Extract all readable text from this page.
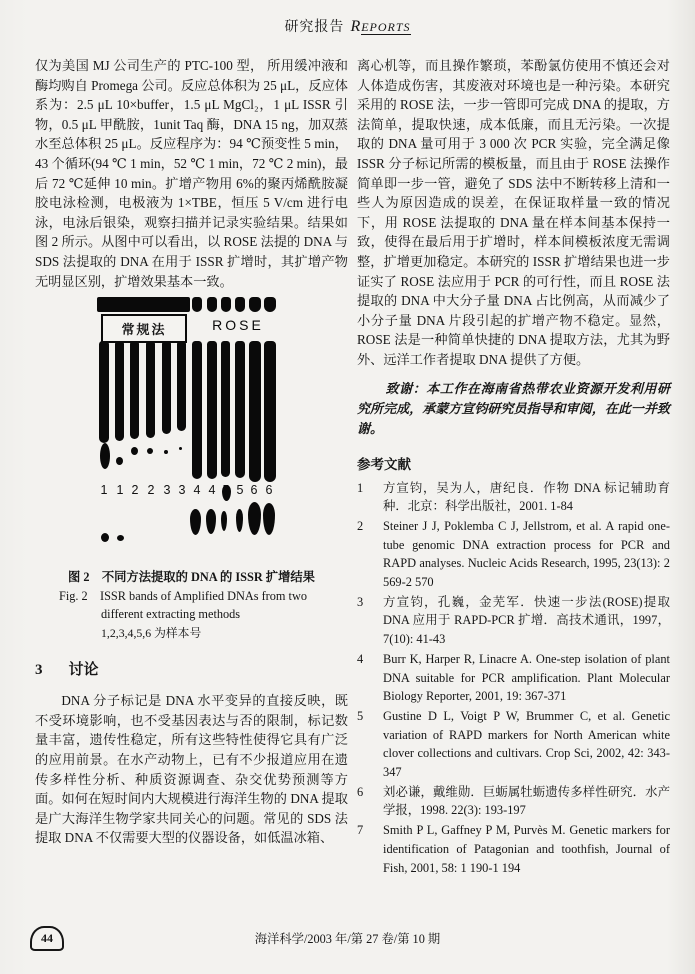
研究报告 REPORTS

仅为美国 MJ 公司生产的 PTC-100 型， 所用缓冲液和酶均购自 Promega 公司。反应总体积为 25 μL，反应体系为：2.5 μL 10×buffer，1.5 μL MgCl₂，1 μL ISSR 引物，0.5 μL 甲酰胺，1unit Taq 酶，DNA 15 ng，加双蒸水至总体积 25 μL。反应程序为：94 ℃预变性 5 min，43 个循环(94 ℃ 1 min，52 ℃ 1 min，72 ℃ 2 min)，最后 72 ℃延伸 10 min。扩增产物用 6%的聚丙烯酰胺凝胶电泳检测，电极液为 1×TBE，恒压 5 V/cm 进行电泳，电泳后银染，观察扫描并记录实验结果。结果如图 2 所示。从图中可以看出，以 ROSE 法提的 DNA 与 SDS 法提取的 DNA 在用于 ISSR 扩增时，其扩增产物无明显区别，扩增效果基本一致。

常规法	ROSE
1 1 2 2 3 3 4 4 5 6 6
图 2　不同方法提取的 DNA 的 ISSR 扩增结果
Fig. 2　ISSR bands of Amplified DNAs from two different extracting methods
1,2,3,4,5,6 为样本号
3 讨论

DNA 分子标记是 DNA 水平变异的直接反映，既不受环境影响，也不受基因表达与否的限制，标记数量丰富，遗传性稳定，所有这些特性使得它具有广泛的应用前景。在水产动物上，已有不少报道应用在遗传多样性分析、种质资源调查、杂交优势预测等方面。如何在短时间内大规模进行海洋生物的 DNA 提取是广大海洋生物学家共同关心的问题。常见的 SDS 法提取 DNA 不仅需要大型的仪器设备，如低温冰箱、

离心机等，而且操作繁琐，苯酚氯仿使用不慎还会对人体造成伤害，其废液对环境也是一种污染。本研究采用的 ROSE 法，一步一管即可完成 DNA 的提取，方法简单，提取快速，成本低廉，而且无污染。一次提取的 DNA 量可用于 3 000 次 PCR 实验，完全满足像 ISSR 分子标记所需的模板量，而且由于 ROSE 法操作简单即一步一管，避免了 SDS 法中不断转移上清和一些人为原因造成的误差，在保证取样量一致的情况下，用 ROSE 法提取的 DNA 量在样本间基本保持一致，使得在最后用于扩增时，样本间模板浓度无需调整，扩增更加稳定。本研究的 ISSR 扩增结果也进一步证实了 ROSE 法应用于 PCR 的可行性，而且 ROSE 法提取的 DNA 中大分子量 DNA 占比例高，从而减少了小分子量 DNA 片段引起的扩增产物不稳定。显然，ROSE 法是一种简单快捷的 DNA 提取方法，尤其为野外、远洋工作者提取 DNA 提供了方便。

致谢：本工作在海南省热带农业资源开发利用研究所完成，承蒙方宣钧研究员指导和审阅，在此一并致谢。

参考文献
1	方宣钧，吴为人，唐纪良．作物 DNA 标记辅助育种．北京：科学出版社，2001. 1-84
2	Steiner J J, Poklemba C J, Jellstrom, et al. A rapid one-tube genomic DNA extraction process for PCR and RAPD analyses. Nucleic Acids Research, 1995, 23(13): 2 569-2 570
3	方宣钧，孔巍，金芜军．快速一步法(ROSE)提取 DNA 应用于 RAPD-PCR 扩增．高技术通讯，1997，7(10): 41-43
4	Burr K, Harper R, Linacre A. One-step isolation of plant DNA suitable for PCR amplification. Plant Molecular Biology Reporter, 2001, 19: 367-371
5	Gustine D L, Voigt P W, Brummer C, et al. Genetic variation of RAPD markers for North American white clover collections and cultivars. Crop Sci, 2002, 42: 343-347
6	刘必谦，戴维勋．巨蛎属牡蛎遗传多样性研究．水产学报，1998. 22(3): 193-197
7	Smith P L, Gaffney P M, Purvès M. Genetic markers for identification of Patagonian and toothfish, Journal of Fish, 2001, 58: 1 190-1 194
44	海洋科学/2003 年/第 27 卷/第 10 期
